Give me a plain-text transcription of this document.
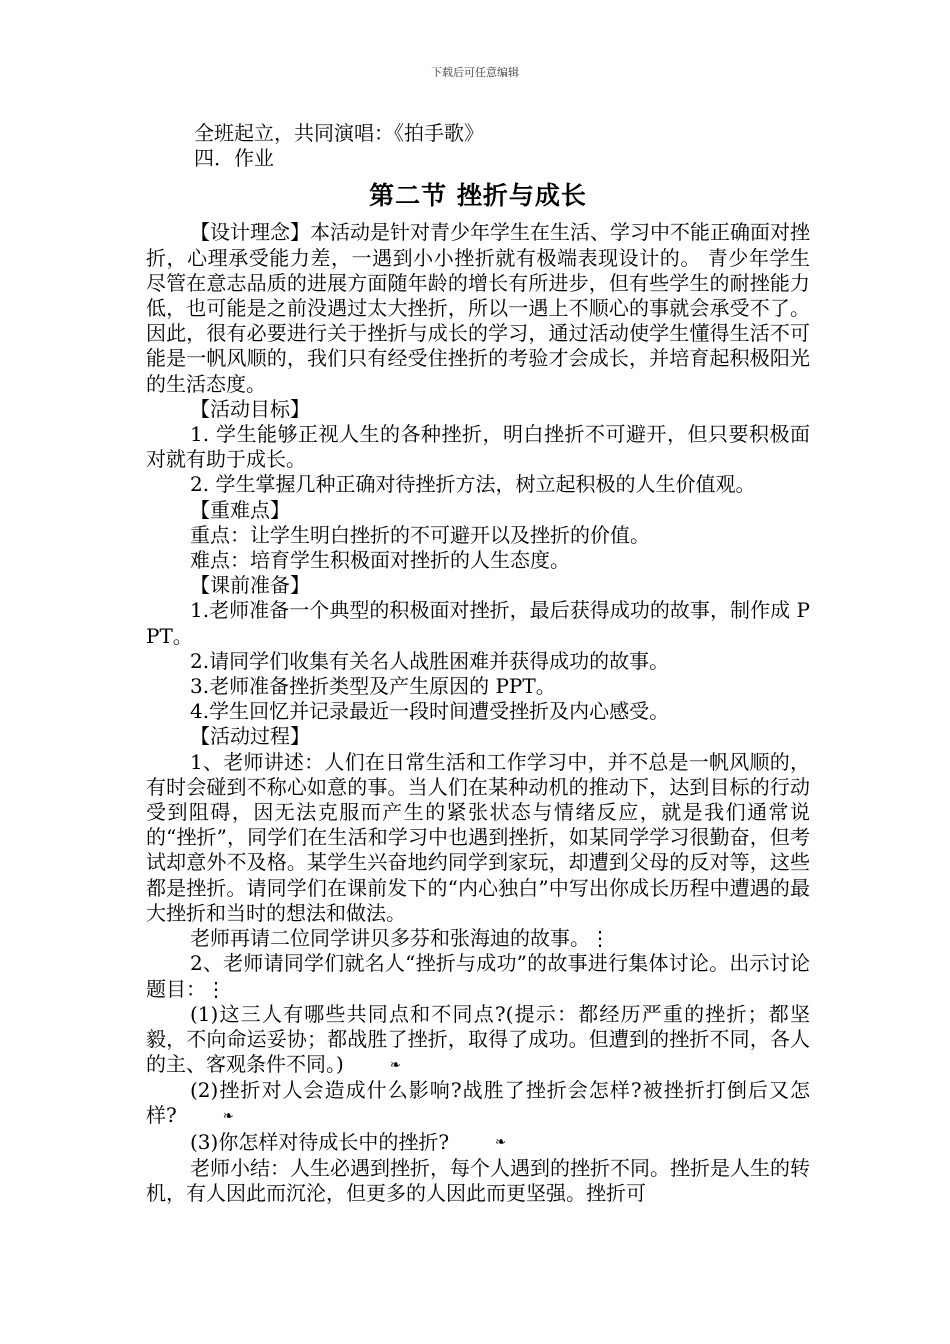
下载后可任意编辑

全班起立，共同演唱：《拍手歌》

四．作业

第二节 挫折与成长

【设计理念】本活动是针对青少年学生在生活、学习中不能正确面对挫折，心理承受能力差，一遇到小小挫折就有极端表现设计的。 青少年学生尽管在意志品质的进展方面随年龄的增长有所进步，但有些学生的耐挫能力低，也可能是之前没遇过太大挫折，所以一遇上不顺心的事就会承受不了。因此，很有必要进行关于挫折与成长的学习，通过活动使学生懂得生活不可能是一帆风顺的，我们只有经受住挫折的考验才会成长，并培育起积极阳光的生活态度。

【活动目标】

1. 学生能够正视人生的各种挫折，明白挫折不可避开，但只要积极面对就有助于成长。

2. 学生掌握几种正确对待挫折方法，树立起积极的人生价值观。

【重难点】

重点：让学生明白挫折的不可避开以及挫折的价值。

难点：培育学生积极面对挫折的人生态度。

【课前准备】

1.老师准备一个典型的积极面对挫折，最后获得成功的故事，制作成 PPT。

2.请同学们收集有关名人战胜困难并获得成功的故事。

3.老师准备挫折类型及产生原因的 PPT。

4.学生回忆并记录最近一段时间遭受挫折及内心感受。

【活动过程】

1、老师讲述：人们在日常生活和工作学习中，并不总是一帆风顺的，有时会碰到不称心如意的事。当人们在某种动机的推动下，达到目标的行动受到阻碍，因无法克服而产生的紧张状态与情绪反应，就是我们通常说的“挫折”，同学们在生活和学习中也遇到挫折，如某同学学习很勤奋，但考试却意外不及格。某学生兴奋地约同学到家玩，却遭到父母的反对等，这些都是挫折。请同学们在课前发下的“内心独白”中写出你成长历程中遭遇的最大挫折和当时的想法和做法。

老师再请二位同学讲贝多芬和张海迪的故事。⋮

2、老师请同学们就名人“挫折与成功”的故事进行集体讨论。出示讨论题目：⋮

(1)这三人有哪些共同点和不同点?(提示：都经历严重的挫折；都坚毅，不向命运妥协；都战胜了挫折，取得了成功。但遭到的挫折不同，各人的主、客观条件不同。)	❧

(2)挫折对人会造成什么影响?战胜了挫折会怎样?被挫折打倒后又怎样?	❧

(3)你怎样对待成长中的挫折?	❧

老师小结：人生必遇到挫折，每个人遇到的挫折不同。挫折是人生的转机，有人因此而沉沦，但更多的人因此而更坚强。挫折可
